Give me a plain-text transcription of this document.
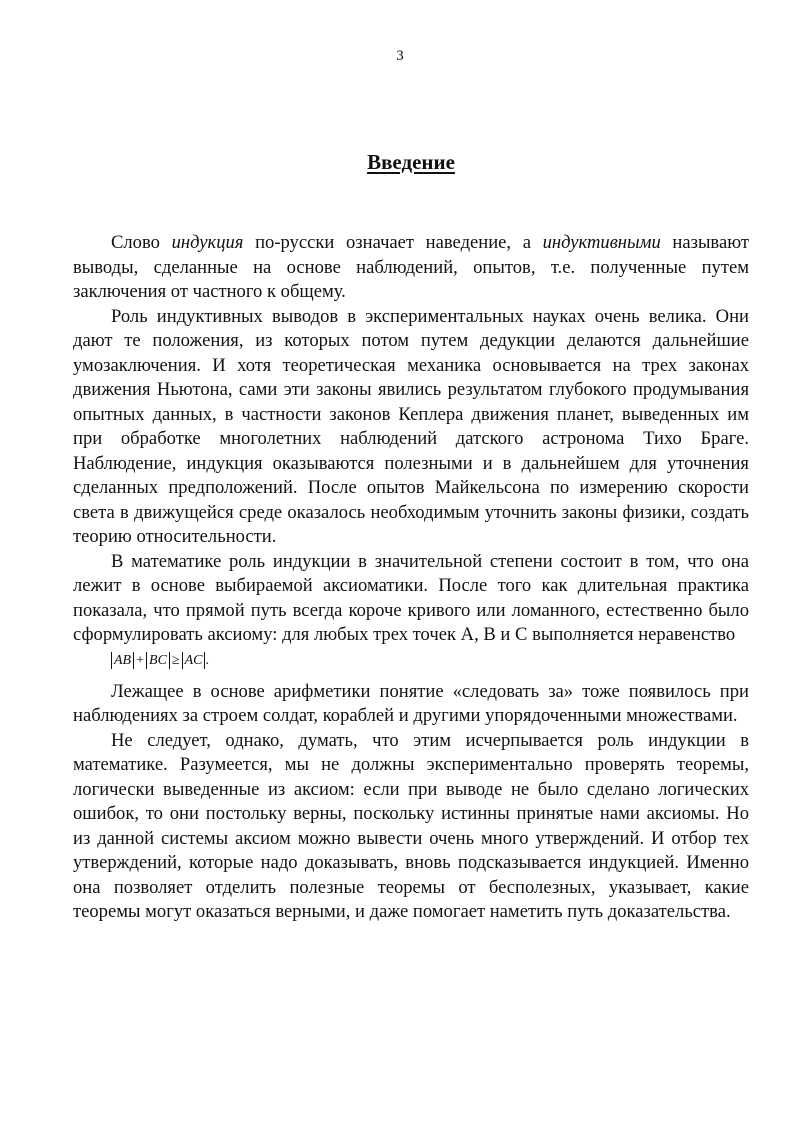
3
Введение

Слово индукция по-русски означает наведение, а индуктивными называют выводы, сделанные на основе наблюдений, опытов, т.е. полученные путем заключения от частного к общему.

Роль индуктивных выводов в экспериментальных науках очень велика. Они дают те положения, из которых потом путем дедукции делаются дальнейшие умозаключения. И хотя теоретическая механика основывается на трех законах движения Ньютона, сами эти законы явились результатом глубокого продумывания опытных данных, в частности законов Кеплера движения планет, выведенных им при обработке многолетних наблюдений датского астронома Тихо Браге. Наблюдение, индукция оказываются полезными и в дальнейшем для уточнения сделанных предположений. После опытов Майкельсона по измерению скорости света в движущейся среде оказалось необходимым уточнить законы физики, создать теорию относительности.

В математике роль индукции в значительной степени состоит в том, что она лежит в основе выбираемой аксиоматики. После того как длительная практика показала, что прямой путь всегда короче кривого или ломанного, естественно было сформулировать аксиому: для любых трех точек A, B и C выполняется неравенство

AB + BC ≥ AC .

Лежащее в основе арифметики понятие «следовать за» тоже появилось при наблюдениях за строем солдат, кораблей и другими упорядоченными множествами.

Не следует, однако, думать, что этим исчерпывается роль индукции в математике. Разумеется, мы не должны экспериментально проверять теоремы, логически выведенные из аксиом: если при выводе не было сделано логических ошибок, то они постольку верны, поскольку истинны принятые нами аксиомы. Но из данной системы аксиом можно вывести очень много утверждений. И отбор тех утверждений, которые надо доказывать, вновь подсказывается индукцией. Именно она позволяет отделить полезные теоремы от бесполезных, указывает, какие теоремы могут оказаться верными, и даже помогает наметить путь доказательства.
